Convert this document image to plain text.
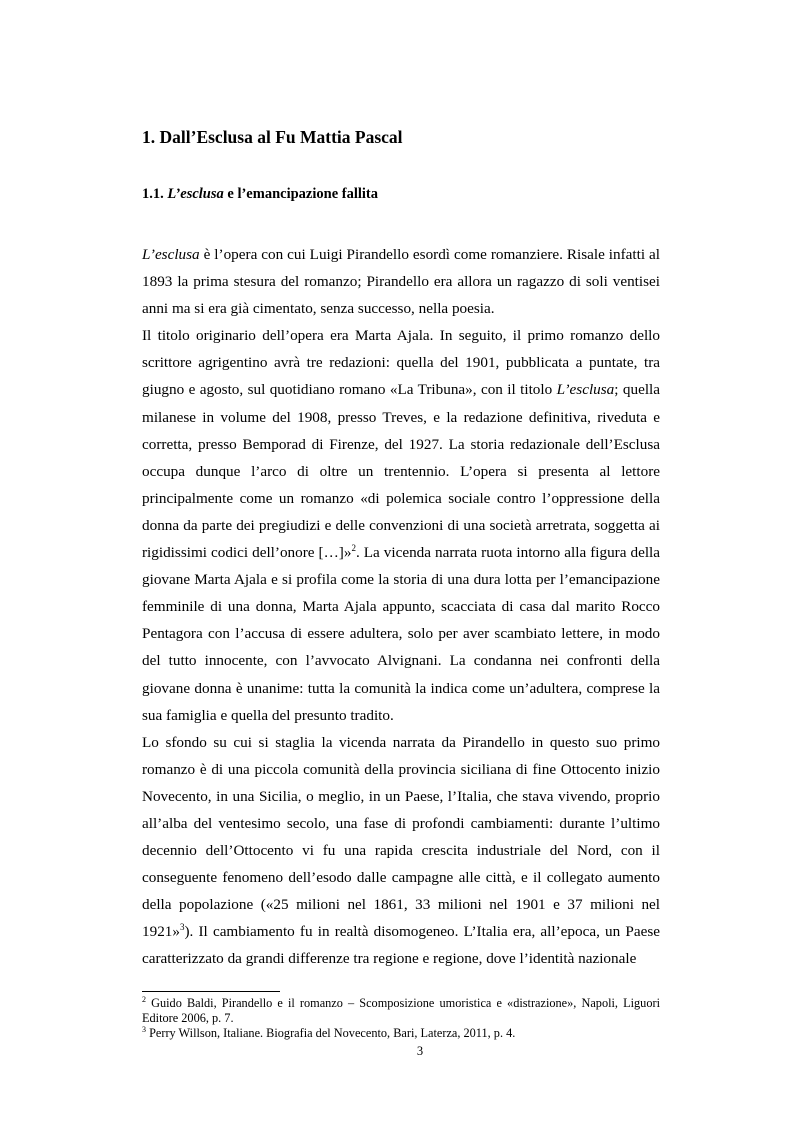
1. Dall’Esclusa al Fu Mattia Pascal
1.1. L’esclusa e l’emancipazione fallita

L’esclusa è l’opera con cui Luigi Pirandello esordì come romanziere. Risale infatti al 1893 la prima stesura del romanzo; Pirandello era allora un ragazzo di soli ventisei anni ma si era già cimentato, senza successo, nella poesia.

Il titolo originario dell’opera era Marta Ajala. In seguito, il primo romanzo dello scrittore agrigentino avrà tre redazioni: quella del 1901, pubblicata a puntate, tra giugno e agosto, sul quotidiano romano «La Tribuna», con il titolo L’esclusa; quella milanese in volume del 1908, presso Treves, e la redazione definitiva, riveduta e corretta, presso Bemporad di Firenze, del 1927. La storia redazionale dell’Esclusa occupa dunque l’arco di oltre un trentennio. L’opera si presenta al lettore principalmente come un romanzo «di polemica sociale contro l’oppressione della donna da parte dei pregiudizi e delle convenzioni di una società arretrata, soggetta ai rigidissimi codici dell’onore […]»$^2$. La vicenda narrata ruota intorno alla figura della giovane Marta Ajala e si profila come la storia di una dura lotta per l’emancipazione femminile di una donna, Marta Ajala appunto, scacciata di casa dal marito Rocco Pentagora con l’accusa di essere adultera, solo per aver scambiato lettere, in modo del tutto innocente, con l’avvocato Alvignani. La condanna nei confronti della giovane donna è unanime: tutta la comunità la indica come un’adultera, comprese la sua famiglia e quella del presunto tradito.

Lo sfondo su cui si staglia la vicenda narrata da Pirandello in questo suo primo romanzo è di una piccola comunità della provincia siciliana di fine Ottocento inizio Novecento, in una Sicilia, o meglio, in un Paese, l’Italia, che stava vivendo, proprio all’alba del ventesimo secolo, una fase di profondi cambiamenti: durante l’ultimo decennio dell’Ottocento vi fu una rapida crescita industriale del Nord, con il conseguente fenomeno dell’esodo dalle campagne alle città, e il collegato aumento della popolazione («25 milioni nel 1861, 33 milioni nel 1901 e 37 milioni nel 1921»$^3$). Il cambiamento fu in realtà disomogeneo. L’Italia era, all’epoca, un Paese caratterizzato da grandi differenze tra regione e regione, dove l’identità nazionale

$^2$ Guido Baldi, Pirandello e il romanzo – Scomposizione umoristica e «distrazione», Napoli, Liguori Editore 2006, p. 7.

$^3$ Perry Willson, Italiane. Biografia del Novecento, Bari, Laterza, 2011, p. 4.

3
